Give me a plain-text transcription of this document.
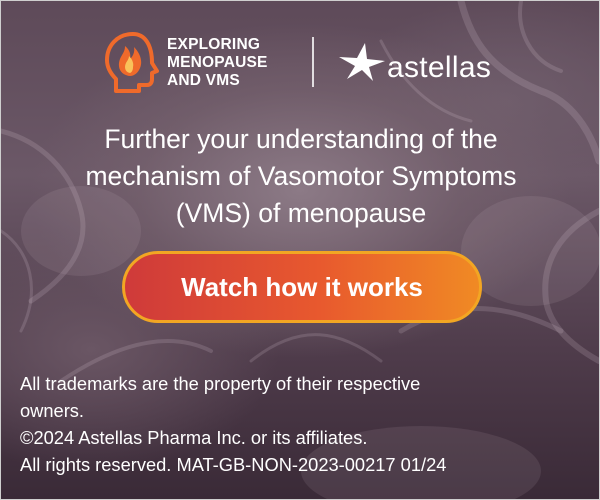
EXPLORING
MENOPAUSE
AND VMS	astellas
Further your understanding of the
mechanism of Vasomotor Symptoms
(VMS) of menopause
Watch how it works
All trademarks are the property of their respective
owners.
©2024 Astellas Pharma Inc. or its affiliates.
All rights reserved. MAT-GB-NON-2023-00217 01/24
